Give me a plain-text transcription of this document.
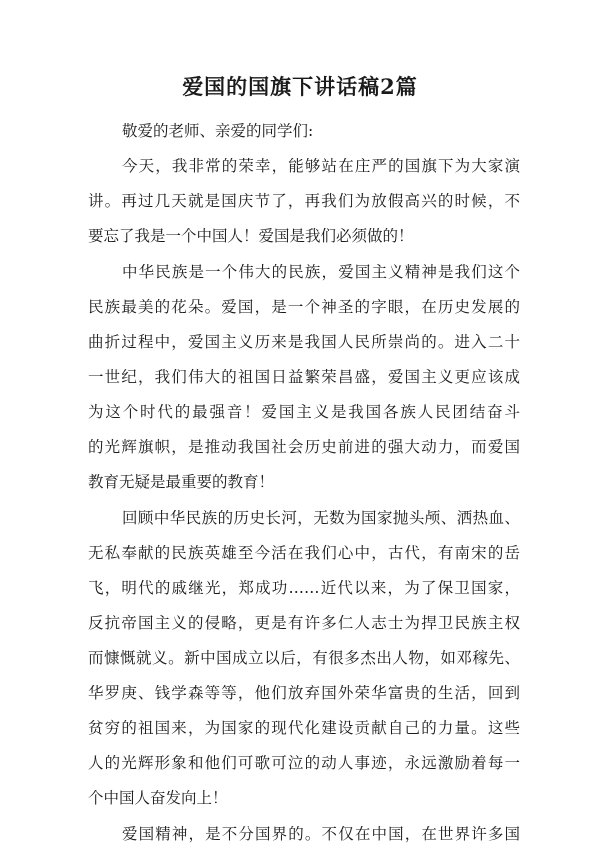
爱国的国旗下讲话稿2篇
敬爱的老师、亲爱的同学们:
今天，我非常的荣幸，能够站在庄严的国旗下为大家演
讲。再过几天就是国庆节了，再我们为放假高兴的时候，不
要忘了我是一个中国人！爱国是我们必须做的！
中华民族是一个伟大的民族，爱国主义精神是我们这个
民族最美的花朵。爱国，是一个神圣的字眼，在历史发展的
曲折过程中，爱国主义历来是我国人民所崇尚的。进入二十
一世纪，我们伟大的祖国日益繁荣昌盛，爱国主义更应该成
为这个时代的最强音！爱国主义是我国各族人民团结奋斗
的光辉旗帜，是推动我国社会历史前进的强大动力，而爱国
教育无疑是最重要的教育！
回顾中华民族的历史长河，无数为国家抛头颅、洒热血、
无私奉献的民族英雄至今活在我们心中，古代，有南宋的岳
飞，明代的戚继光，郑成功……近代以来，为了保卫国家，
反抗帝国主义的侵略，更是有许多仁人志士为捍卫民族主权
而慷慨就义。新中国成立以后，有很多杰出人物，如邓稼先、
华罗庚、钱学森等等，他们放弃国外荣华富贵的生活，回到
贫穷的祖国来，为国家的现代化建设贡献自己的力量。这些
人的光辉形象和他们可歌可泣的动人事迹，永远激励着每一
个中国人奋发向上！
爱国精神，是不分国界的。不仅在中国，在世界许多国
